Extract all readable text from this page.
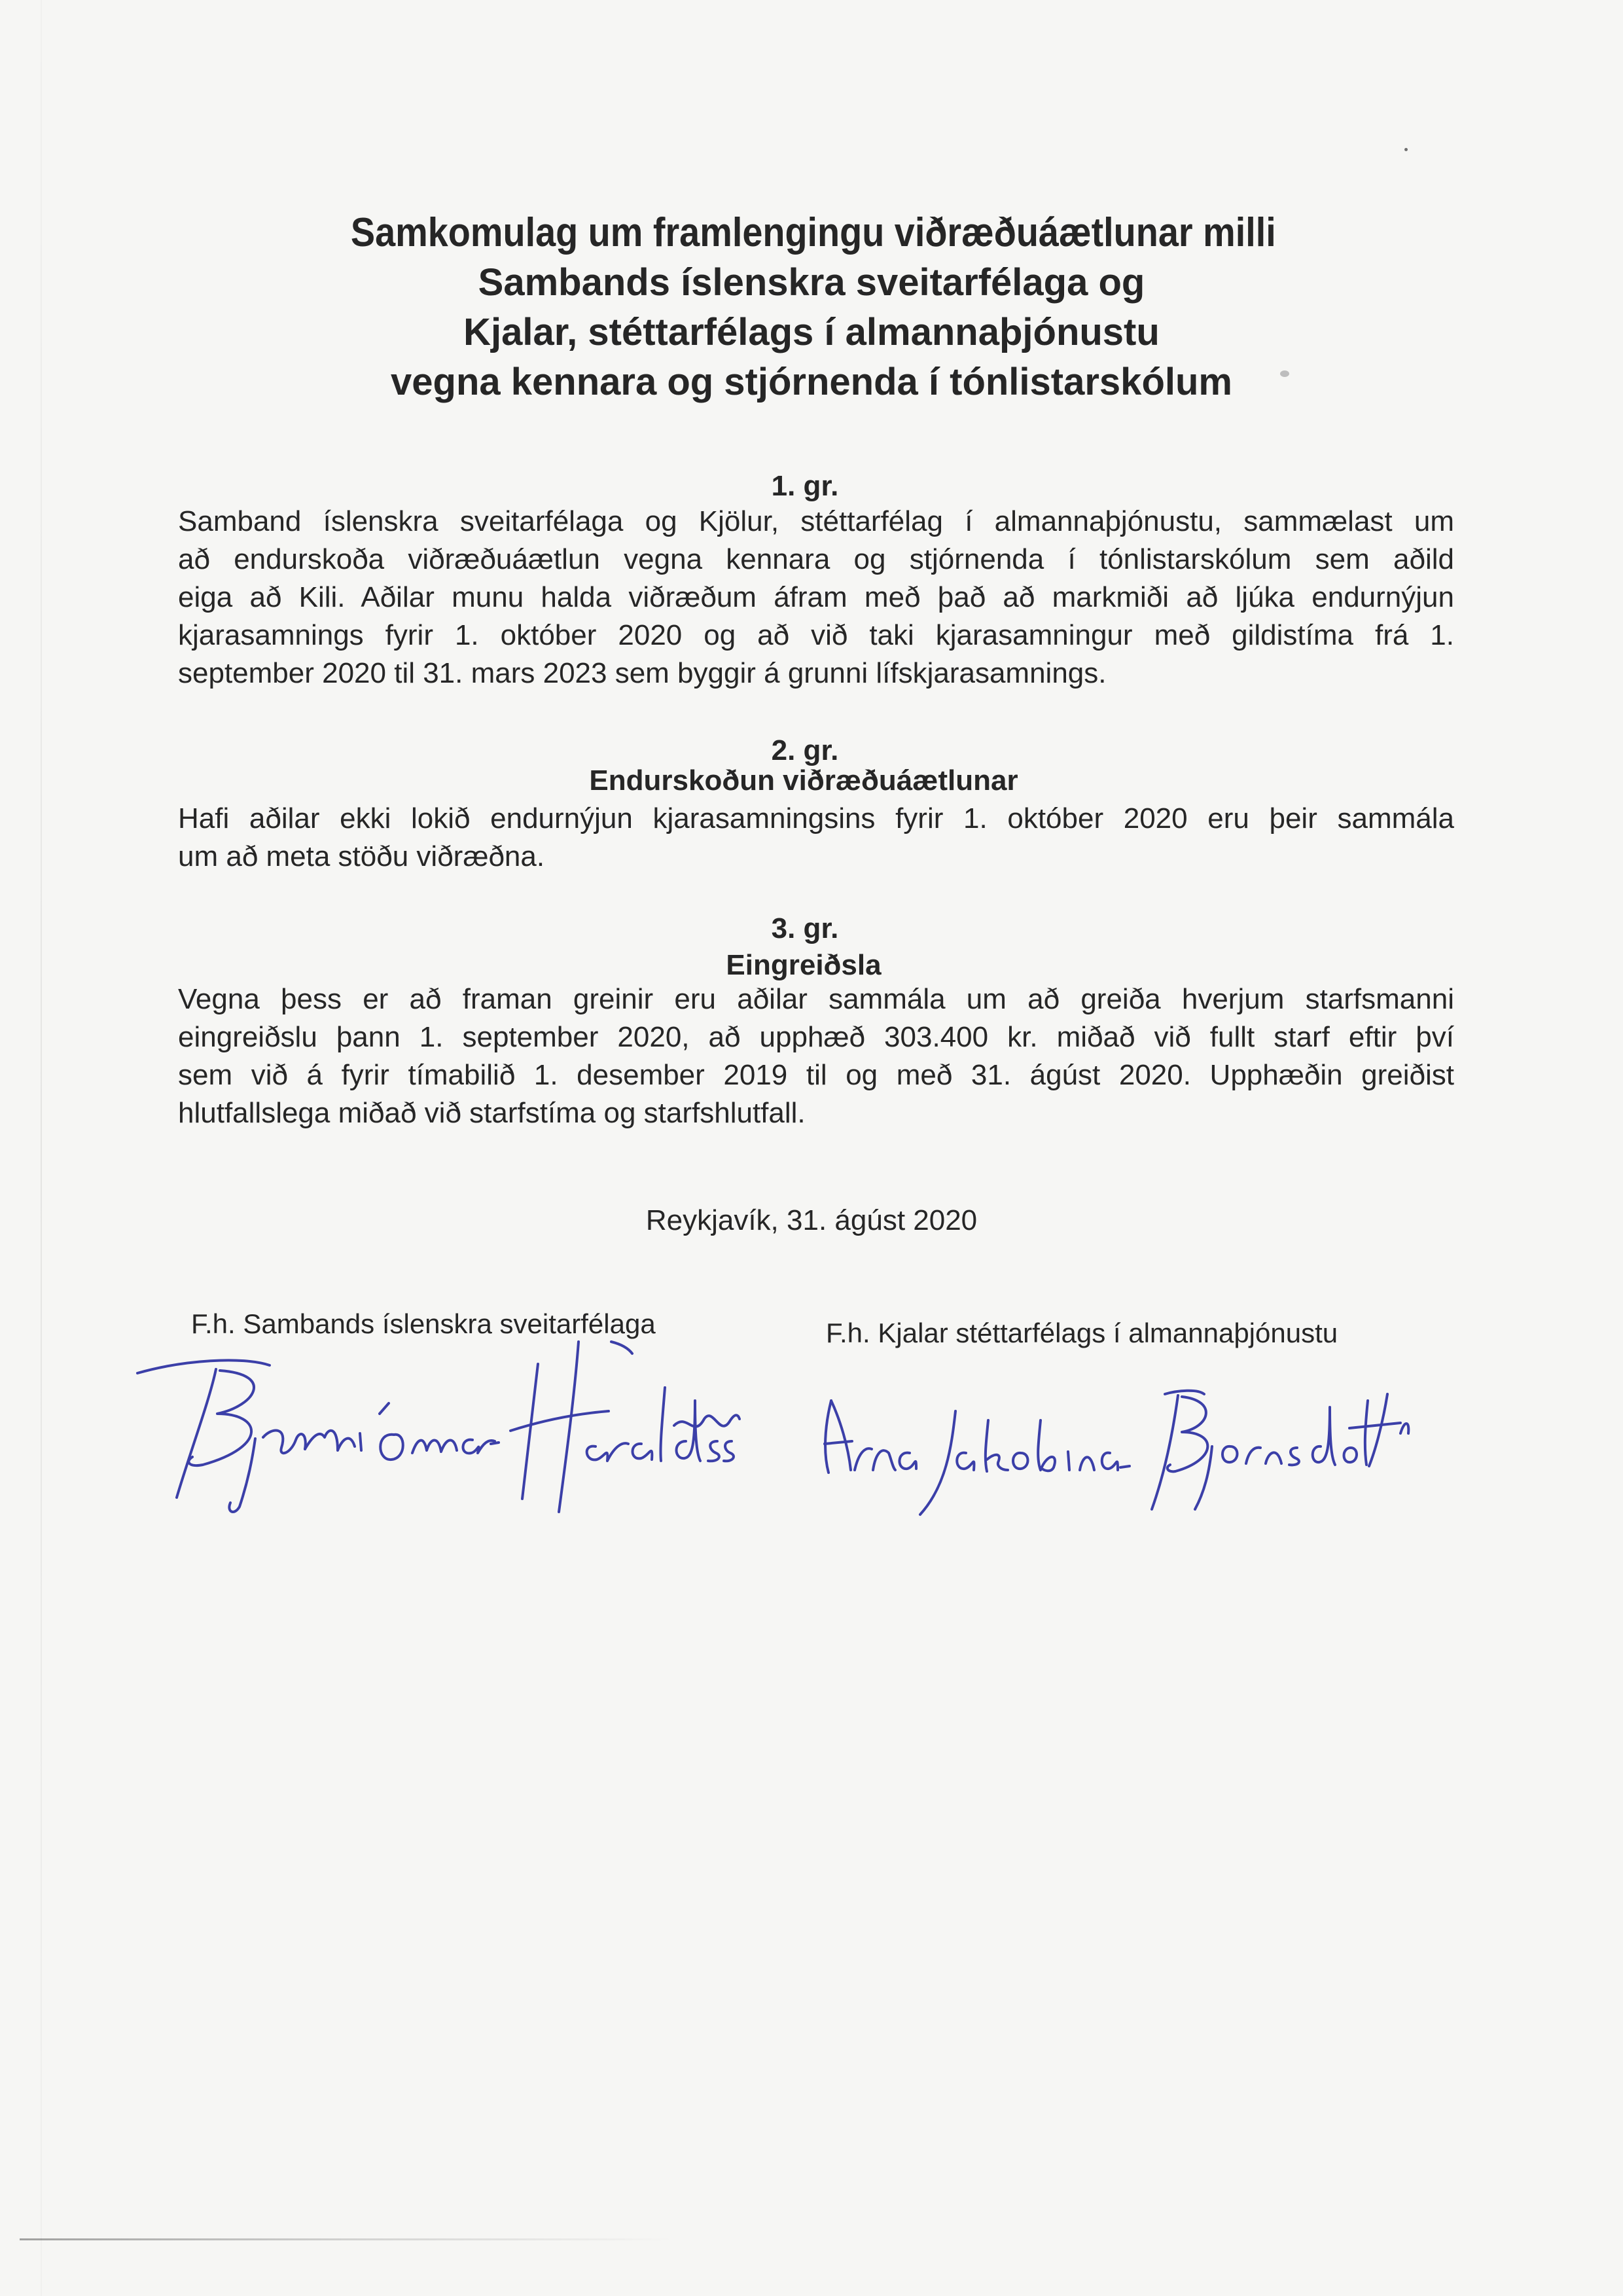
Samkomulag um framlengingu viðræðuáætlunar milli
Sambands íslenskra sveitarfélaga og
Kjalar, stéttarfélags í almannaþjónustu
vegna kennara og stjórnenda í tónlistarskólum
1. gr.
Samband íslenskra sveitarfélaga og Kjölur, stéttarfélag í almannaþjónustu, sammælast um
að endurskoða viðræðuáætlun vegna kennara og stjórnenda í tónlistarskólum sem aðild
eiga að Kili. Aðilar munu halda viðræðum áfram með það að markmiði að ljúka endurnýjun
kjarasamnings fyrir 1. október 2020 og að við taki kjarasamningur með gildistíma frá 1.
september 2020 til 31. mars 2023 sem byggir á grunni lífskjarasamnings.
2. gr.
Endurskoðun viðræðuáætlunar
Hafi aðilar ekki lokið endurnýjun kjarasamningsins fyrir 1. október 2020 eru þeir sammála
um að meta stöðu viðræðna.
3. gr.
Eingreiðsla
Vegna þess er að framan greinir eru aðilar sammála um að greiða hverjum starfsmanni
eingreiðslu þann 1. september 2020, að upphæð 303.400 kr. miðað við fullt starf eftir því
sem við á fyrir tímabilið 1. desember 2019 til og með 31. ágúst 2020. Upphæðin greiðist
hlutfallslega miðað við starfstíma og starfshlutfall.
Reykjavík, 31. ágúst 2020
F.h. Sambands íslenskra sveitarfélaga	F.h. Kjalar stéttarfélags í almannaþjónustu
